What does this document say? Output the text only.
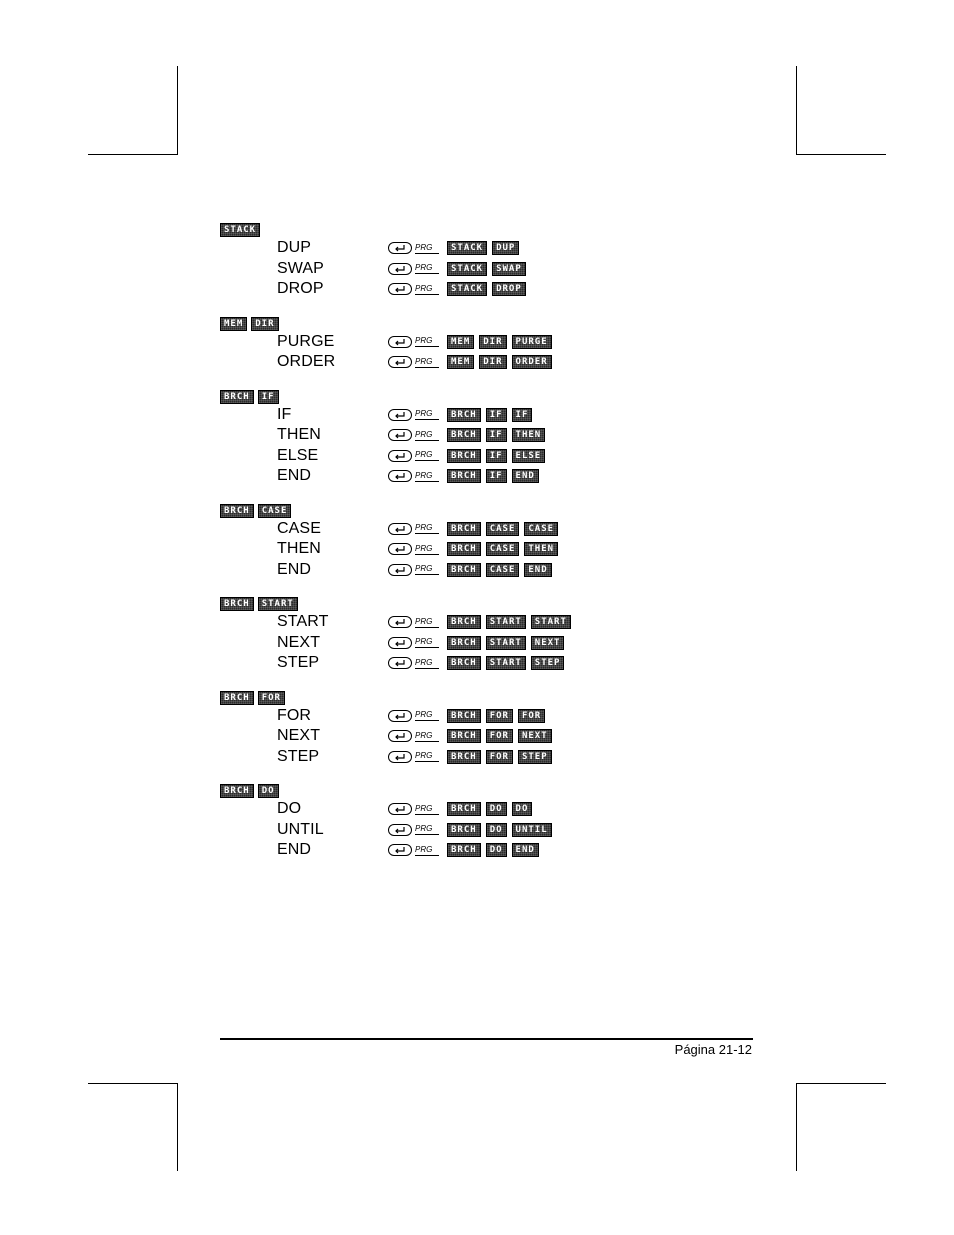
STACK
DUP	PRG	STACK	DUP
SWAP	PRG	STACK	SWAP
DROP	PRG	STACK	DROP
MEM	DIR
PURGE	PRG	MEM	DIR	PURGE
ORDER	PRG	MEM	DIR	ORDER
BRCH	IF
IF	PRG	BRCH	IF	IF
THEN	PRG	BRCH	IF	THEN
ELSE	PRG	BRCH	IF	ELSE
END	PRG	BRCH	IF	END
BRCH	CASE
CASE	PRG	BRCH	CASE	CASE
THEN	PRG	BRCH	CASE	THEN
END	PRG	BRCH	CASE	END
BRCH	START
START	PRG	BRCH	START	START
NEXT	PRG	BRCH	START	NEXT
STEP	PRG	BRCH	START	STEP
BRCH	FOR
FOR	PRG	BRCH	FOR	FOR
NEXT	PRG	BRCH	FOR	NEXT
STEP	PRG	BRCH	FOR	STEP
BRCH	DO
DO	PRG	BRCH	DO	DO
UNTIL	PRG	BRCH	DO	UNTIL
END	PRG	BRCH	DO	END
Página 21-12
